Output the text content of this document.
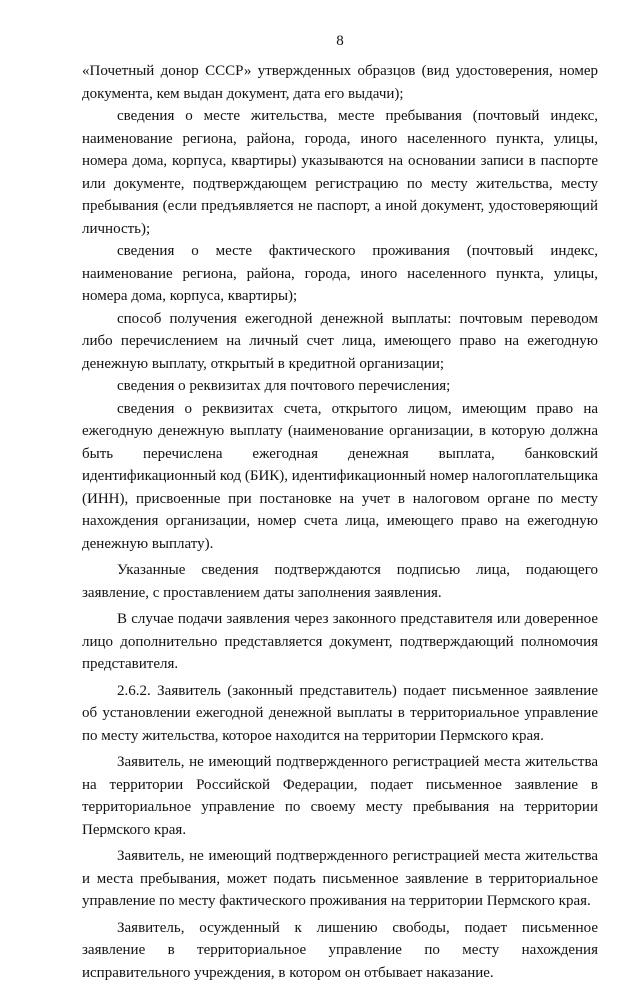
8

«Почетный донор СССР» утвержденных образцов (вид удостоверения, номер документа, кем выдан документ, дата его выдачи);

сведения о месте жительства, месте пребывания (почтовый индекс, наименование региона, района, города, иного населенного пункта, улицы, номера дома, корпуса, квартиры) указываются на основании записи в паспорте или документе, подтверждающем регистрацию по месту жительства, месту пребывания (если предъявляется не паспорт, а иной документ, удостоверяющий личность);

сведения о месте фактического проживания (почтовый индекс, наименование региона, района, города, иного населенного пункта, улицы, номера дома, корпуса, квартиры);

способ получения ежегодной денежной выплаты: почтовым переводом либо перечислением на личный счет лица, имеющего право на ежегодную денежную выплату, открытый в кредитной организации;

сведения о реквизитах для почтового перечисления;

сведения о реквизитах счета, открытого лицом, имеющим право на ежегодную денежную выплату (наименование организации, в которую должна быть перечислена ежегодная денежная выплата, банковский идентификационный код (БИК), идентификационный номер налогоплательщика (ИНН), присвоенные при постановке на учет в налоговом органе по месту нахождения организации, номер счета лица, имеющего право на ежегодную денежную выплату).

Указанные сведения подтверждаются подписью лица, подающего заявление, с проставлением даты заполнения заявления.

В случае подачи заявления через законного представителя или доверенное лицо дополнительно представляется документ, подтверждающий полномочия представителя.

2.6.2. Заявитель (законный представитель) подает письменное заявление об установлении ежегодной денежной выплаты в территориальное управление по месту жительства, которое находится на территории Пермского края.

Заявитель, не имеющий подтвержденного регистрацией места жительства на территории Российской Федерации, подает письменное заявление в территориальное управление по своему месту пребывания на территории Пермского края.

Заявитель, не имеющий подтвержденного регистрацией места жительства и места пребывания, может подать письменное заявление в территориальное управление по месту фактического проживания на территории Пермского края.

Заявитель, осужденный к лишению свободы, подает письменное заявление в территориальное управление по месту нахождения исправительного учреждения, в котором он отбывает наказание.
